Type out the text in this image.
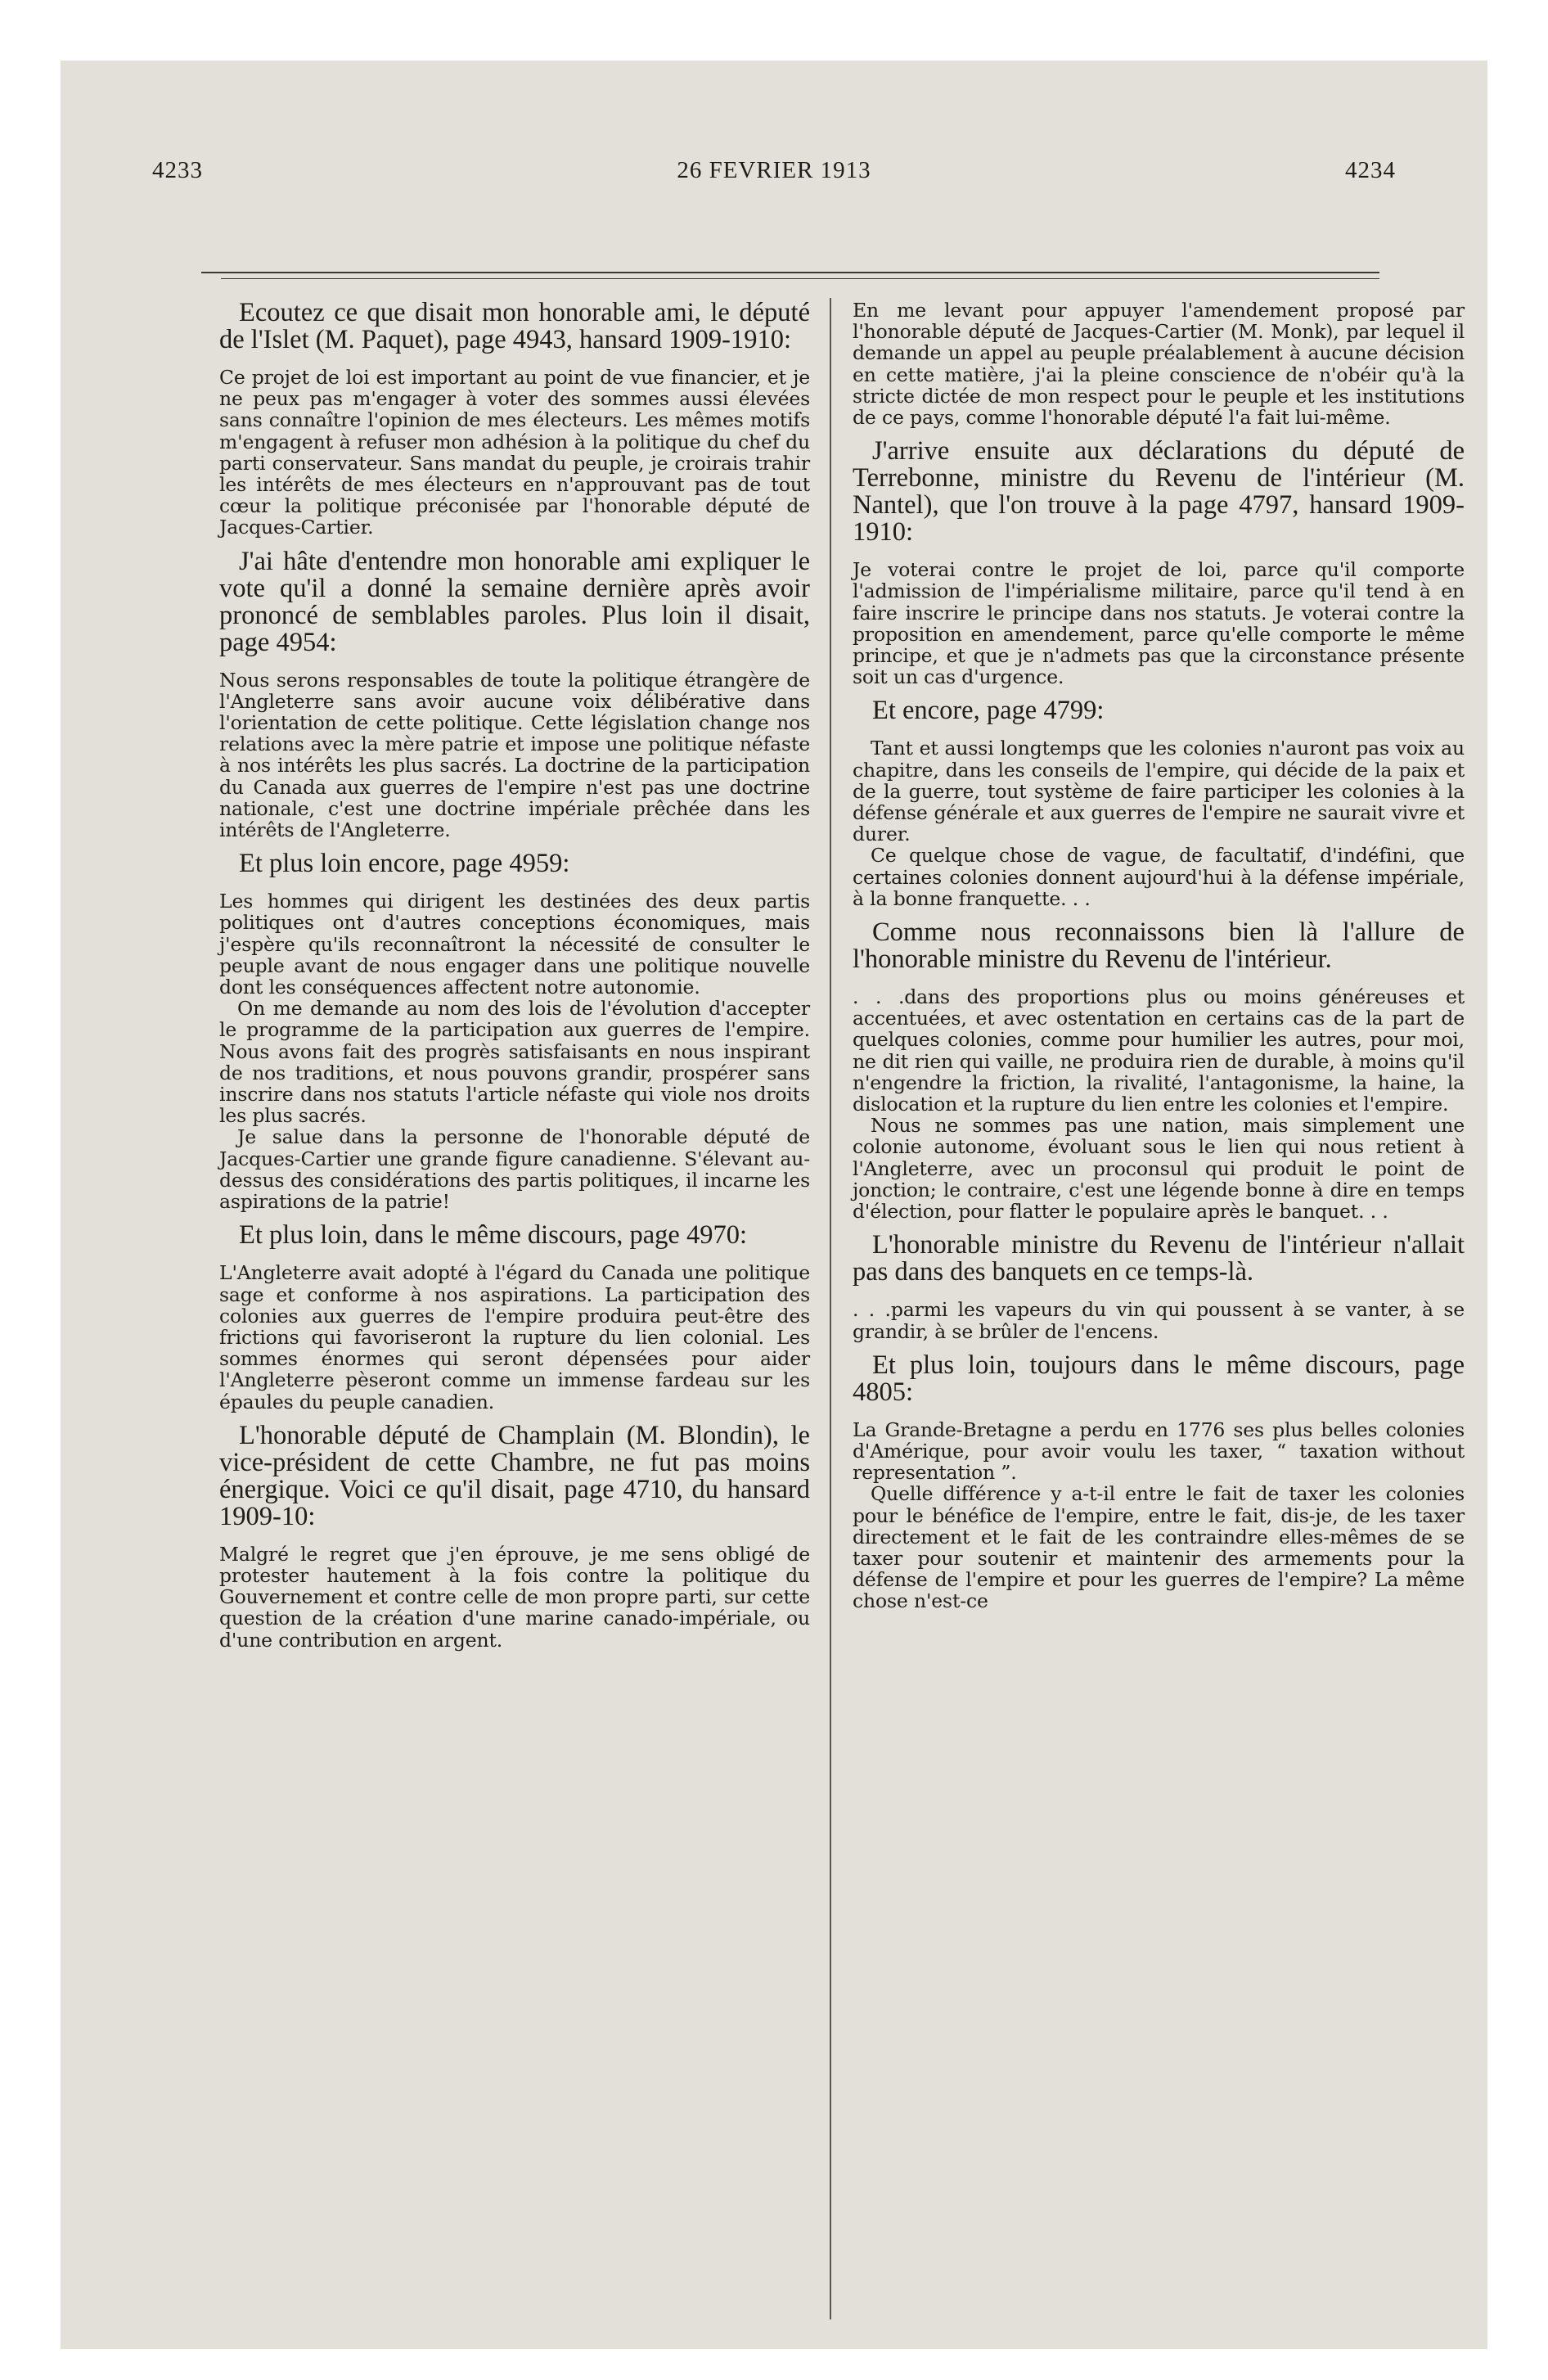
4233	26 FEVRIER 1913	4234

Ecoutez ce que disait mon honorable ami, le député de l'Islet (M. Paquet), page 4943, hansard 1909-1910:

Ce projet de loi est important au point de vue financier, et je ne peux pas m'engager à voter des sommes aussi élevées sans connaître l'opinion de mes électeurs. Les mêmes motifs m'engagent à refuser mon adhésion à la politique du chef du parti conservateur. Sans mandat du peuple, je croirais trahir les intérêts de mes électeurs en n'approuvant pas de tout cœur la politique préconisée par l'honorable député de Jacques-Cartier.

J'ai hâte d'entendre mon honorable ami expliquer le vote qu'il a donné la semaine dernière après avoir prononcé de semblables paroles. Plus loin il disait, page 4954:

Nous serons responsables de toute la politique étrangère de l'Angleterre sans avoir aucune voix délibérative dans l'orientation de cette politique. Cette législation change nos relations avec la mère patrie et impose une politique néfaste à nos intérêts les plus sacrés. La doctrine de la participation du Canada aux guerres de l'empire n'est pas une doctrine nationale, c'est une doctrine impériale prêchée dans les intérêts de l'Angleterre.

Et plus loin encore, page 4959:

Les hommes qui dirigent les destinées des deux partis politiques ont d'autres conceptions économiques, mais j'espère qu'ils reconnaîtront la nécessité de consulter le peuple avant de nous engager dans une politique nouvelle dont les conséquences affectent notre autonomie.

On me demande au nom des lois de l'évolution d'accepter le programme de la participation aux guerres de l'empire. Nous avons fait des progrès satisfaisants en nous inspirant de nos traditions, et nous pouvons grandir, prospérer sans inscrire dans nos statuts l'article néfaste qui viole nos droits les plus sacrés.

Je salue dans la personne de l'honorable député de Jacques-Cartier une grande figure canadienne. S'élevant au-dessus des considérations des partis politiques, il incarne les aspirations de la patrie!

Et plus loin, dans le même discours, page 4970:

L'Angleterre avait adopté à l'égard du Canada une politique sage et conforme à nos aspirations. La participation des colonies aux guerres de l'empire produira peut-être des frictions qui favoriseront la rupture du lien colonial. Les sommes énormes qui seront dépensées pour aider l'Angleterre pèseront comme un immense fardeau sur les épaules du peuple canadien.

L'honorable député de Champlain (M. Blondin), le vice-président de cette Chambre, ne fut pas moins énergique. Voici ce qu'il disait, page 4710, du hansard 1909-10:

Malgré le regret que j'en éprouve, je me sens obligé de protester hautement à la fois contre la politique du Gouvernement et contre celle de mon propre parti, sur cette question de la création d'une marine canado-impériale, ou d'une contribution en argent.

En me levant pour appuyer l'amendement proposé par l'honorable député de Jacques-Cartier (M. Monk), par lequel il demande un appel au peuple préalablement à aucune décision en cette matière, j'ai la pleine conscience de n'obéir qu'à la stricte dictée de mon respect pour le peuple et les institutions de ce pays, comme l'honorable député l'a fait lui-même.

J'arrive ensuite aux déclarations du député de Terrebonne, ministre du Revenu de l'intérieur (M. Nantel), que l'on trouve à la page 4797, hansard 1909-1910:

Je voterai contre le projet de loi, parce qu'il comporte l'admission de l'impérialisme militaire, parce qu'il tend à en faire inscrire le principe dans nos statuts. Je voterai contre la proposition en amendement, parce qu'elle comporte le même principe, et que je n'admets pas que la circonstance présente soit un cas d'urgence.

Et encore, page 4799:

Tant et aussi longtemps que les colonies n'auront pas voix au chapitre, dans les conseils de l'empire, qui décide de la paix et de la guerre, tout système de faire participer les colonies à la défense générale et aux guerres de l'empire ne saurait vivre et durer.

Ce quelque chose de vague, de facultatif, d'indéfini, que certaines colonies donnent aujourd'hui à la défense impériale, à la bonne franquette. . .

Comme nous reconnaissons bien là l'allure de l'honorable ministre du Revenu de l'intérieur.

. . .dans des proportions plus ou moins généreuses et accentuées, et avec ostentation en certains cas de la part de quelques colonies, comme pour humilier les autres, pour moi, ne dit rien qui vaille, ne produira rien de durable, à moins qu'il n'engendre la friction, la rivalité, l'antagonisme, la haine, la dislocation et la rupture du lien entre les colonies et l'empire.

Nous ne sommes pas une nation, mais simplement une colonie autonome, évoluant sous le lien qui nous retient à l'Angleterre, avec un proconsul qui produit le point de jonction; le contraire, c'est une légende bonne à dire en temps d'élection, pour flatter le populaire après le banquet. . .

L'honorable ministre du Revenu de l'intérieur n'allait pas dans des banquets en ce temps-là.

. . .parmi les vapeurs du vin qui poussent à se vanter, à se grandir, à se brûler de l'encens.

Et plus loin, toujours dans le même discours, page 4805:

La Grande-Bretagne a perdu en 1776 ses plus belles colonies d'Amérique, pour avoir voulu les taxer, “ taxation without representation ”.

Quelle différence y a-t-il entre le fait de taxer les colonies pour le bénéfice de l'empire, entre le fait, dis-je, de les taxer directement et le fait de les contraindre elles-mêmes de se taxer pour soutenir et maintenir des armements pour la défense de l'empire et pour les guerres de l'empire? La même chose n'est-ce
